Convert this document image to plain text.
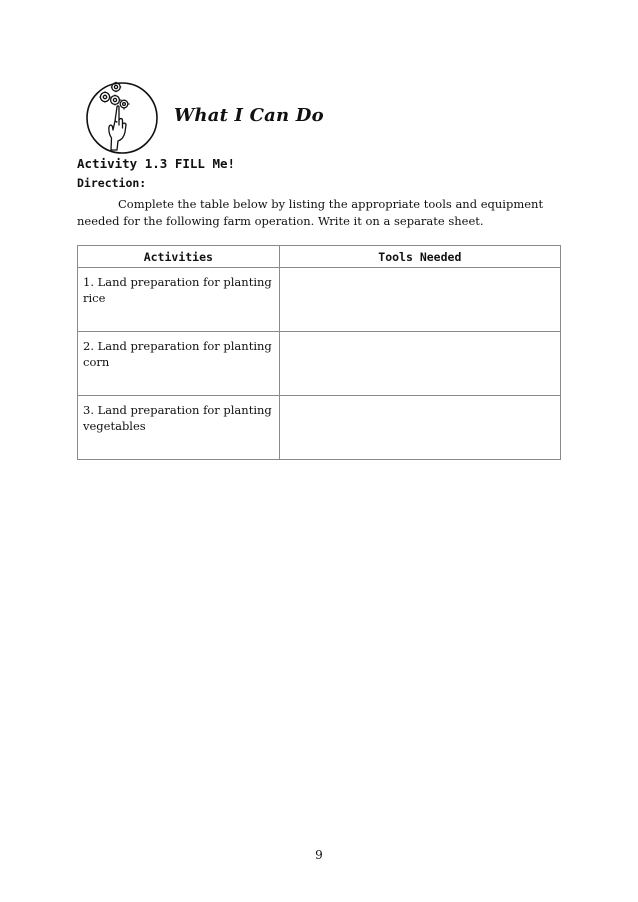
What I Can Do
Activity 1.3 FILL Me!
Direction:
Complete the table below by listing the appropriate tools and equipment
needed for the following farm operation. Write it on a separate sheet.
Activities	Tools Needed

1. Land preparation for planting
rice	

2. Land preparation for planting
corn	

3. Land preparation for planting
vegetables	

9
